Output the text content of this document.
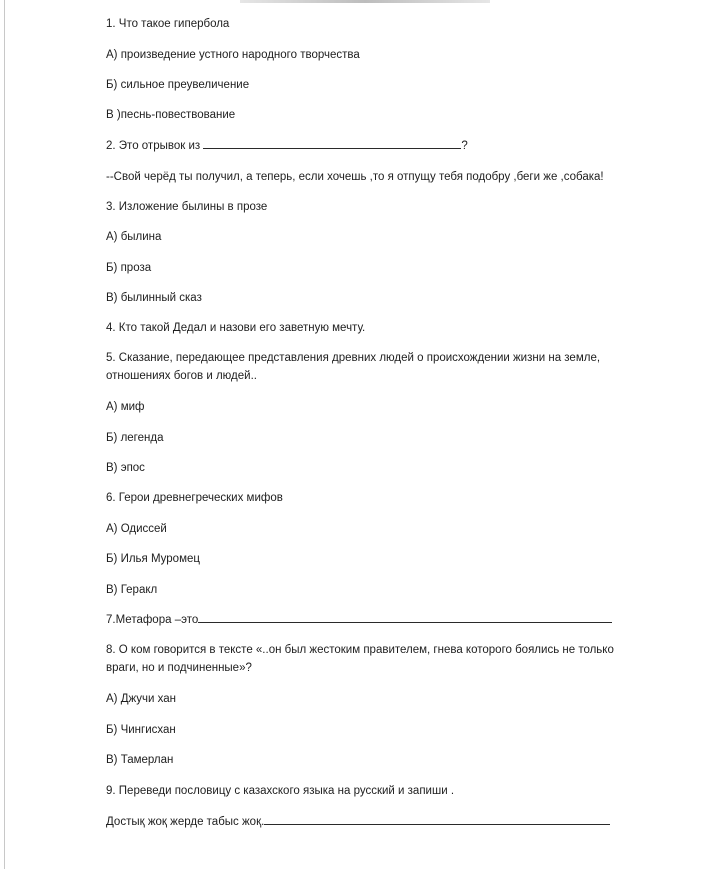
1. Что такое гипербола
А) произведение устного народного творчества
Б) сильное преувеличение
В )песнь-повествование
2. Это отрывок из	?
--Свой черёд ты получил, а теперь, если хочешь ,то я отпущу тебя подобру ,беги же ,собака!
3. Изложение былины в прозе
А) былина
Б) проза
В) былинный сказ
4. Кто такой Дедал и назови его заветную мечту.
5. Сказание, передающее представления древних людей о происхождении жизни на земле,
отношениях богов и людей..
А) миф
Б) легенда
В) эпос
6. Герои древнегреческих мифов
А) Одиссей
Б) Илья Муромец
В) Геракл
7.Метафора –это
8. О ком говорится в тексте «..он был жестоким правителем, гнева которого боялись не только
враги, но и подчиненные»?
А) Джучи хан
Б) Чингисхан
В) Тамерлан
9. Переведи пословицу с казахского языка на русский и запиши .
Достық жоқ жерде табыс жоқ.
